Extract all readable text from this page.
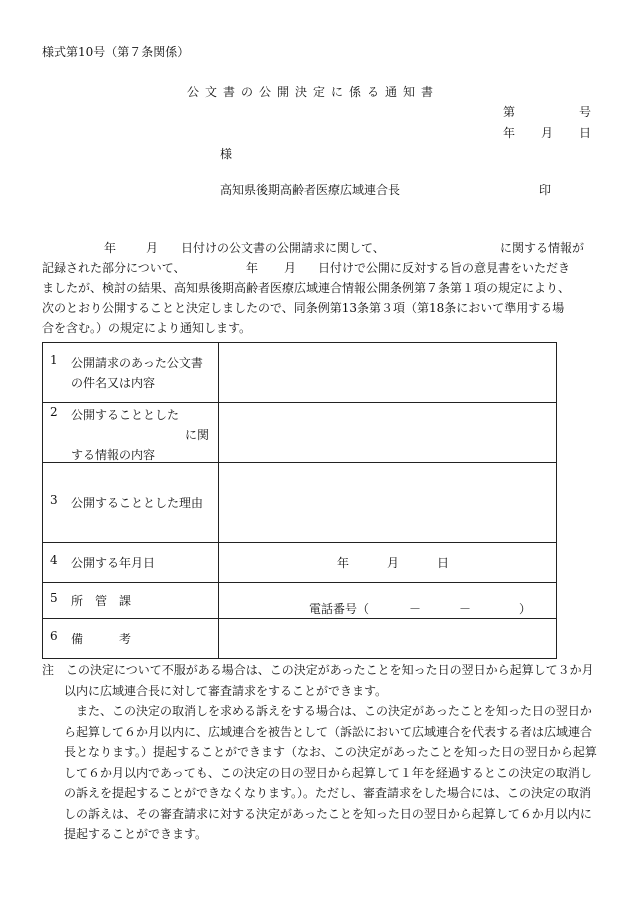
様式第10号（第７条関係）
公文書の公開決定に係る通知書
第	号
年 月 日
様
高知県後期高齢者医療広域連合長	印
年 月 日付けの公文書の公開請求に関して、	に関する情報が
記録された部分について、	年 月 日付けで公開に反対する旨の意見書をいただき
ましたが、検討の結果、高知県後期高齢者医療広域連合情報公開条例第７条第１項の規定により、
次のとおり公開することと決定しましたので、同条例第13条第３項（第18条において準用する場
合を含む。）の規定により通知します。
1 公開請求のあった公文書
の件名又は内容	

2 公開することとした
に関
する情報の内容	

3 公開することとした理由	

4 公開する年月日	年 月 日

5 所　管　課	電話番号（ － － ）

6 備　　　考	

注　この決定について不服がある場合は、この決定があったことを知った日の翌日から起算して３か月以内に広域連合長に対して審査請求をすることができます。

また、この決定の取消しを求める訴えをする場合は、この決定があったことを知った日の翌日から起算して６か月以内に、広域連合を被告として（訴訟において広域連合を代表する者は広域連合長となります。）提起することができます（なお、この決定があったことを知った日の翌日から起算して６か月以内であっても、この決定の日の翌日から起算して１年を経過するとこの決定の取消しの訴えを提起することができなくなります。）。ただし、審査請求をした場合には、この決定の取消しの訴えは、その審査請求に対する決定があったことを知った日の翌日から起算して６か月以内に提起することができます。
